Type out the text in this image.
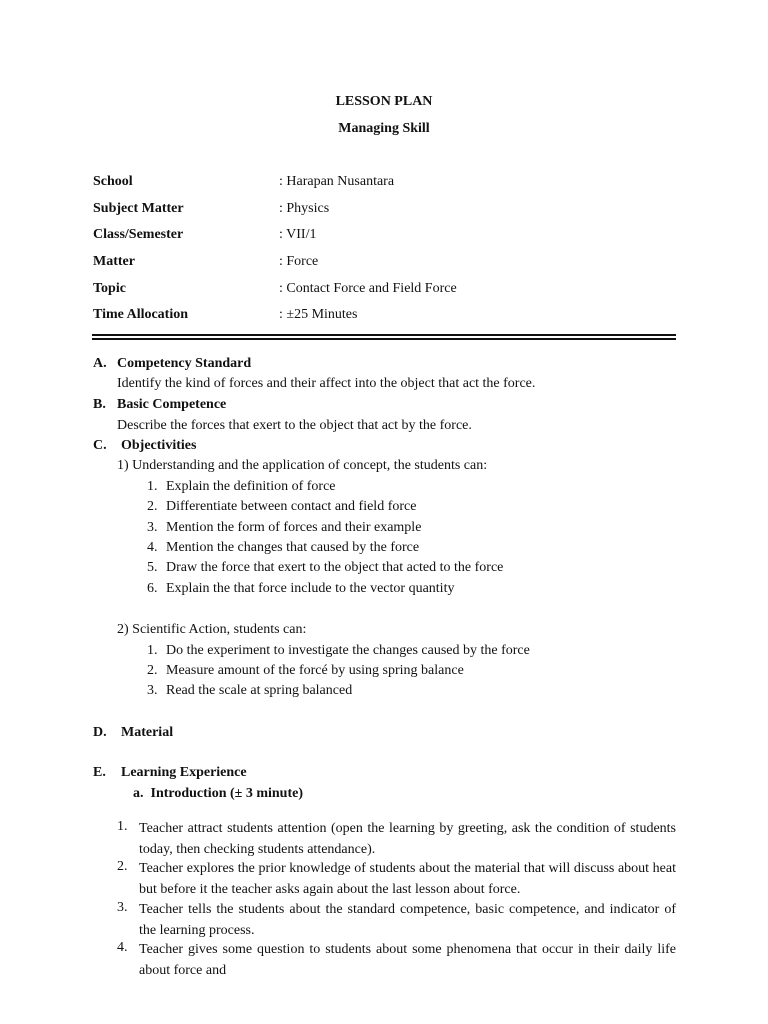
LESSON PLAN
Managing Skill
School	: Harapan Nusantara
Subject Matter	: Physics
Class/Semester	: VII/1
Matter	: Force
Topic	: Contact Force and Field Force
Time Allocation	: ±25 Minutes
A. Competency Standard
Identify the kind of forces and their affect into the object that act the force.
B. Basic Competence
Describe the forces that exert to the object that act by the force.
C. Objectivities
1) Understanding and the application of concept, the students can:
1. Explain the definition of force
2. Differentiate between contact and field force
3. Mention the form of forces and their example
4. Mention the changes that caused by the force
5. Draw the force that exert to the object that acted to the force
6. Explain the that force include to the vector quantity
2) Scientific Action, students can:
1. Do the experiment to investigate the changes caused by the force
2. Measure amount of the forcé by using spring balance
3. Read the scale at spring balanced
D. Material
E. Learning Experience
a.  Introduction (± 3 minute)
1. Teacher attract students attention (open the learning by greeting, ask the condition of students today, then checking students attendance).
2. Teacher explores the prior knowledge of students about the material that will discuss about heat but before it the teacher asks again about the last lesson about force.
3. Teacher tells the students about the standard competence, basic competence, and indicator of the learning process.
4. Teacher gives some question to students about some phenomena that occur in their daily life about force and
